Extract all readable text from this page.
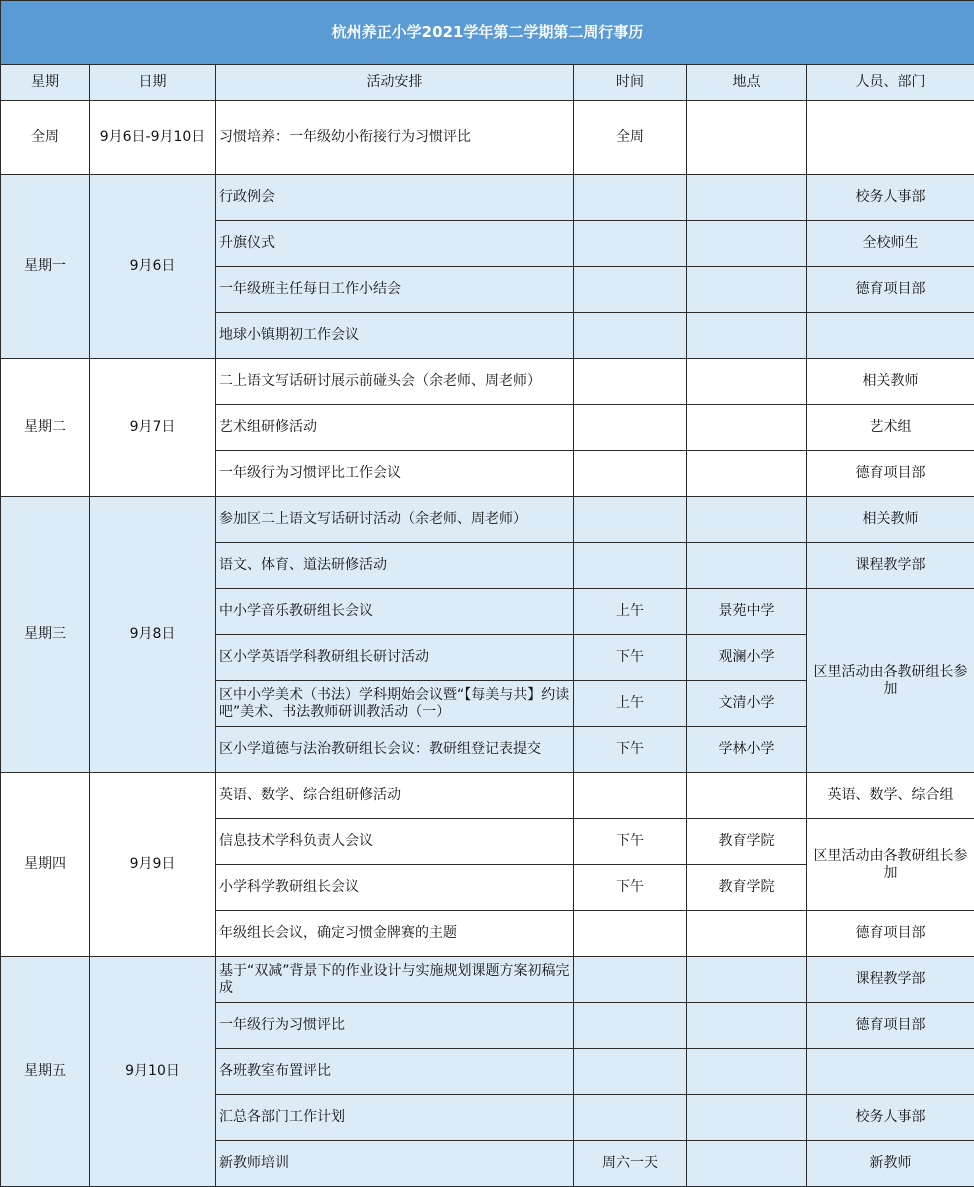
杭州养正小学2021学年第二学期第二周行事历					
星期	日期	活动安排	时间	地点	人员、部门
全周	9月6日-9月10日	习惯培养：一年级幼小衔接行为习惯评比	全周		
星期一	9月6日	行政例会			校务人事部
		升旗仪式			全校师生
		一年级班主任每日工作小结会			德育项目部
		地球小镇期初工作会议			
星期二	9月7日	二上语文写话研讨展示前碰头会（余老师、周老师）			相关教师
		艺术组研修活动			艺术组
		一年级行为习惯评比工作会议			德育项目部
星期三	9月8日	参加区二上语文写话研讨活动（余老师、周老师）			相关教师
		语文、体育、道法研修活动			课程教学部
		中小学音乐教研组长会议	上午	景苑中学	区里活动由各教研组长参加
		区小学英语学科教研组长研讨活动	下午	观澜小学	
		区中小学美术（书法）学科期始会议暨“【每美与共】约读吧”美术、书法教师研训教活动（一）	上午	文清小学	
		区小学道德与法治教研组长会议：教研组登记表提交	下午	学林小学	
星期四	9月9日	英语、数学、综合组研修活动			英语、数学、综合组
		信息技术学科负责人会议	下午	教育学院	区里活动由各教研组长参加
		小学科学教研组长会议	下午	教育学院	
		年级组长会议，确定习惯金牌赛的主题			德育项目部
星期五	9月10日	基于“双减”背景下的作业设计与实施规划课题方案初稿完成			课程教学部
		一年级行为习惯评比			德育项目部
		各班教室布置评比			
		汇总各部门工作计划			校务人事部
		新教师培训	周六一天		新教师
